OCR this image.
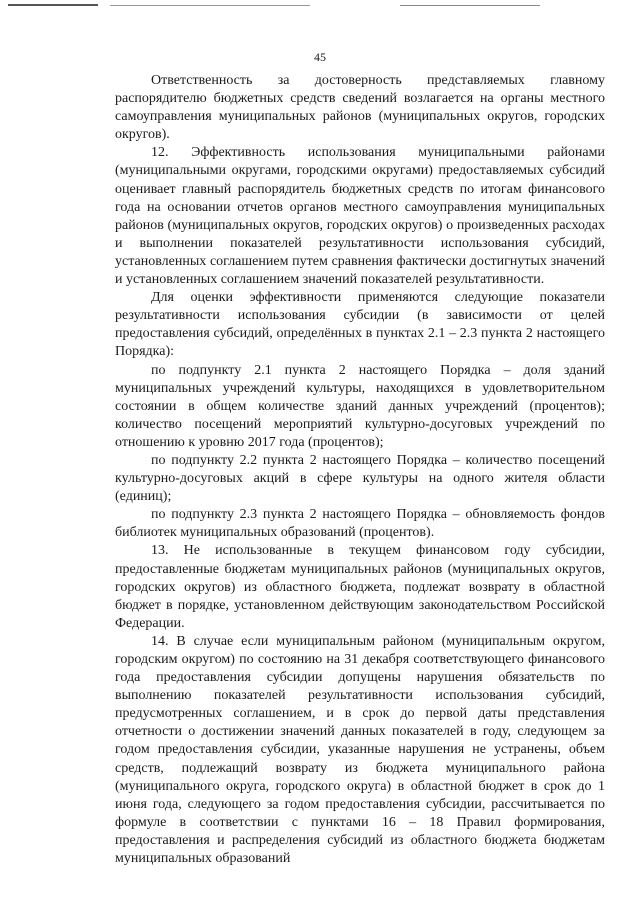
45

Ответственность за достоверность представляемых главному распорядителю бюджетных средств сведений возлагается на органы местного самоуправления муниципальных районов (муниципальных округов, городских округов).

12. Эффективность использования муниципальными районами (муниципальными округами, городскими округами) предоставляемых субсидий оценивает главный распорядитель бюджетных средств по итогам финансового года на основании отчетов органов местного самоуправления муниципальных районов (муниципальных округов, городских округов) о произведенных расходах и выполнении показателей результативности использования субсидий, установленных соглашением путем сравнения фактически достигнутых значений и установленных соглашением значений показателей результативности.

Для оценки эффективности применяются следующие показатели результативности использования субсидии (в зависимости от целей предоставления субсидий, определённых в пунктах 2.1 – 2.3 пункта 2 настоящего Порядка):

по подпункту 2.1 пункта 2 настоящего Порядка – доля зданий муниципальных учреждений культуры, находящихся в удовлетворительном состоянии в общем количестве зданий данных учреждений (процентов); количество посещений мероприятий культурно-досуговых учреждений по отношению к уровню 2017 года (процентов);

по подпункту 2.2 пункта 2 настоящего Порядка – количество посещений культурно-досуговых акций в сфере культуры на одного жителя области (единиц);

по подпункту 2.3 пункта 2 настоящего Порядка – обновляемость фондов библиотек муниципальных образований (процентов).

13. Не использованные в текущем финансовом году субсидии, предоставленные бюджетам муниципальных районов (муниципальных округов, городских округов) из областного бюджета, подлежат возврату в областной бюджет в порядке, установленном действующим законодательством Российской Федерации.

14. В случае если муниципальным районом (муниципальным округом, городским округом) по состоянию на 31 декабря соответствующего финансового года предоставления субсидии допущены нарушения обязательств по выполнению показателей результативности использования субсидий, предусмотренных соглашением, и в срок до первой даты представления отчетности о достижении значений данных показателей в году, следующем за годом предоставления субсидии, указанные нарушения не устранены, объем средств, подлежащий возврату из бюджета муниципального района (муниципального округа, городского округа) в областной бюджет в срок до 1 июня года, следующего за годом предоставления субсидии, рассчитывается по формуле в соответствии с пунктами 16 – 18 Правил формирования, предоставления и распределения субсидий из областного бюджета бюджетам муниципальных образований
